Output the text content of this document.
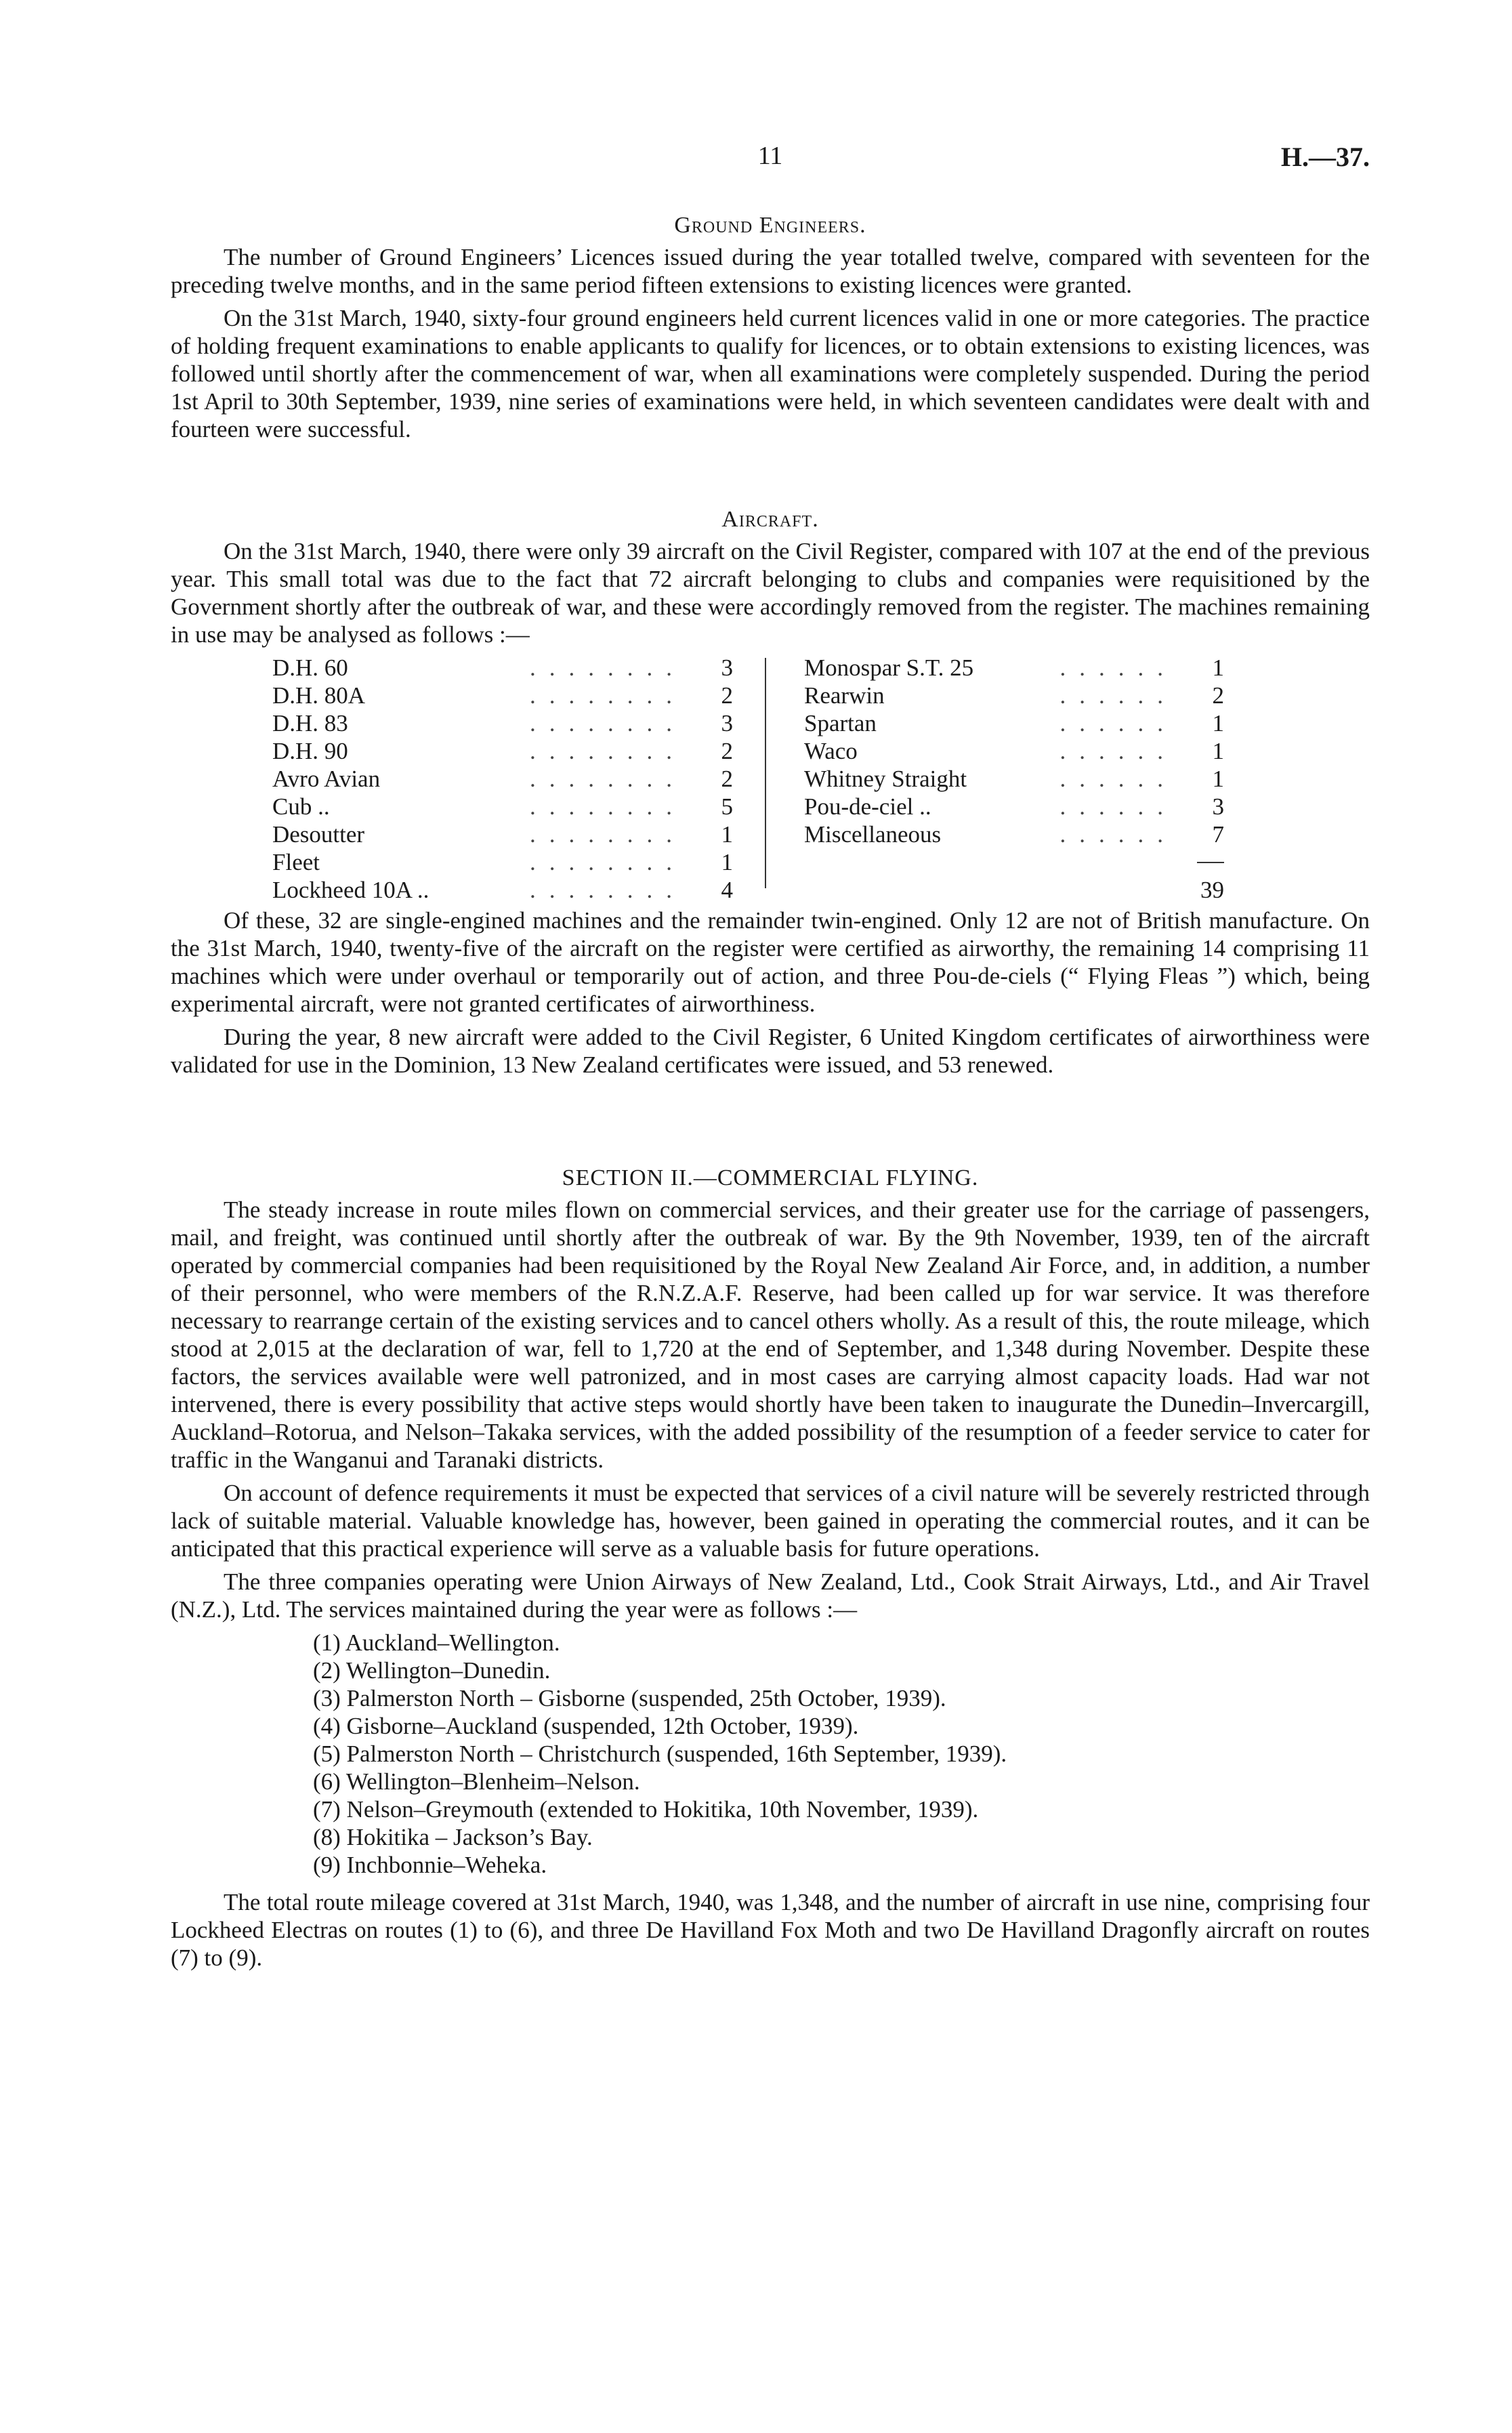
11	H.—37.
Ground Engineers.

The number of Ground Engineers’ Licences issued during the year totalled twelve, compared with seventeen for the preceding twelve months, and in the same period fifteen extensions to existing licences were granted.

On the 31st March, 1940, sixty-four ground engineers held current licences valid in one or more categories. The practice of holding frequent examinations to enable applicants to qualify for licences, or to obtain extensions to existing licences, was followed until shortly after the commencement of war, when all examinations were completely suspended. During the period 1st April to 30th September, 1939, nine series of examinations were held, in which seventeen candidates were dealt with and fourteen were successful.

Aircraft.

On the 31st March, 1940, there were only 39 aircraft on the Civil Register, compared with 107 at the end of the previous year. This small total was due to the fact that 72 aircraft belonging to clubs and companies were requisitioned by the Government shortly after the outbreak of war, and these were accordingly removed from the register. The machines remaining in use may be analysed as follows :—

D.H. 60	........	3
D.H. 80A	........	2
D.H. 83	........	3
D.H. 90	........	2
Avro Avian	........	2
Cub ..	........	5
Desoutter	........	1
Fleet	........	1
Lockheed 10A ..	........	4
Monospar S.T. 25	......	1
Rearwin	......	2
Spartan	......	1
Waco	......	1
Whitney Straight	......	1
Pou-de-ciel ..	......	3
Miscellaneous	......	7
39

Of these, 32 are single-engined machines and the remainder twin-engined. Only 12 are not of British manufacture. On the 31st March, 1940, twenty-five of the aircraft on the register were certified as airworthy, the remaining 14 comprising 11 machines which were under overhaul or temporarily out of action, and three Pou-de-ciels (“ Flying Fleas ”) which, being experimental aircraft, were not granted certificates of airworthiness.

During the year, 8 new aircraft were added to the Civil Register, 6 United Kingdom certificates of airworthiness were validated for use in the Dominion, 13 New Zealand certificates were issued, and 53 renewed.

SECTION II.—COMMERCIAL FLYING.

The steady increase in route miles flown on commercial services, and their greater use for the carriage of passengers, mail, and freight, was continued until shortly after the outbreak of war. By the 9th November, 1939, ten of the aircraft operated by commercial companies had been requisitioned by the Royal New Zealand Air Force, and, in addition, a number of their personnel, who were members of the R.N.Z.A.F. Reserve, had been called up for war service. It was therefore necessary to rearrange certain of the existing services and to cancel others wholly. As a result of this, the route mileage, which stood at 2,015 at the declaration of war, fell to 1,720 at the end of September, and 1,348 during November. Despite these factors, the services available were well patronized, and in most cases are carrying almost capacity loads. Had war not intervened, there is every possibility that active steps would shortly have been taken to inaugurate the Dunedin–Invercargill, Auckland–Rotorua, and Nelson–Takaka services, with the added possibility of the resumption of a feeder service to cater for traffic in the Wanganui and Taranaki districts.

On account of defence requirements it must be expected that services of a civil nature will be severely restricted through lack of suitable material. Valuable knowledge has, however, been gained in operating the commercial routes, and it can be anticipated that this practical experience will serve as a valuable basis for future operations.

The three companies operating were Union Airways of New Zealand, Ltd., Cook Strait Airways, Ltd., and Air Travel (N.Z.), Ltd. The services maintained during the year were as follows :—

(1) Auckland–Wellington.
(2) Wellington–Dunedin.
(3) Palmerston North – Gisborne (suspended, 25th October, 1939).
(4) Gisborne–Auckland (suspended, 12th October, 1939).
(5) Palmerston North – Christchurch (suspended, 16th September, 1939).
(6) Wellington–Blenheim–Nelson.
(7) Nelson–Greymouth (extended to Hokitika, 10th November, 1939).
(8) Hokitika – Jackson’s Bay.
(9) Inchbonnie–Weheka.

The total route mileage covered at 31st March, 1940, was 1,348, and the number of aircraft in use nine, comprising four Lockheed Electras on routes (1) to (6), and three De Havilland Fox Moth and two De Havilland Dragonfly aircraft on routes (7) to (9).
